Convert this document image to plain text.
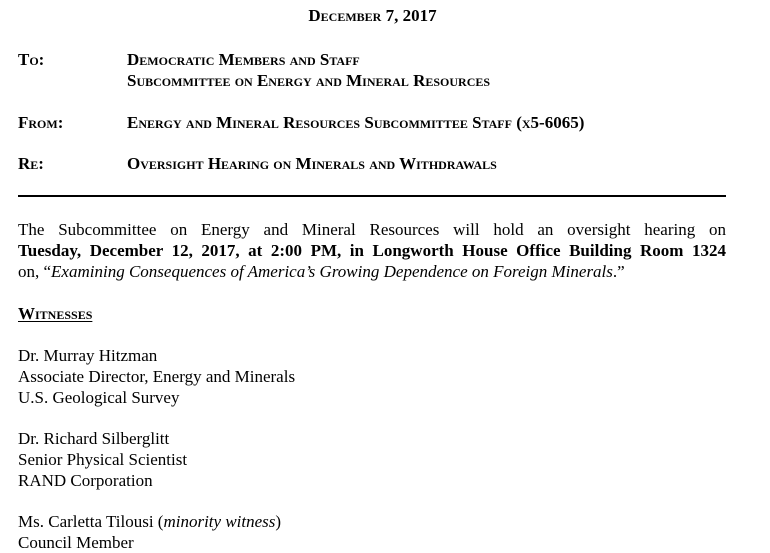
December 7, 2017
To:	Democratic Members and Staff
Subcommittee on Energy and Mineral Resources
From:	Energy and Mineral Resources Subcommittee Staff (x5-6065)
Re:	Oversight Hearing on Minerals and Withdrawals
The Subcommittee on Energy and Mineral Resources will hold an oversight hearing on
Tuesday, December 12, 2017, at 2:00 PM, in Longworth House Office Building Room 1324
on, “Examining Consequences of America’s Growing Dependence on Foreign Minerals.”
Witnesses
Dr. Murray Hitzman
Associate Director, Energy and Minerals
U.S. Geological Survey
Dr. Richard Silberglitt
Senior Physical Scientist
RAND Corporation
Ms. Carletta Tilousi (minority witness)
Council Member
